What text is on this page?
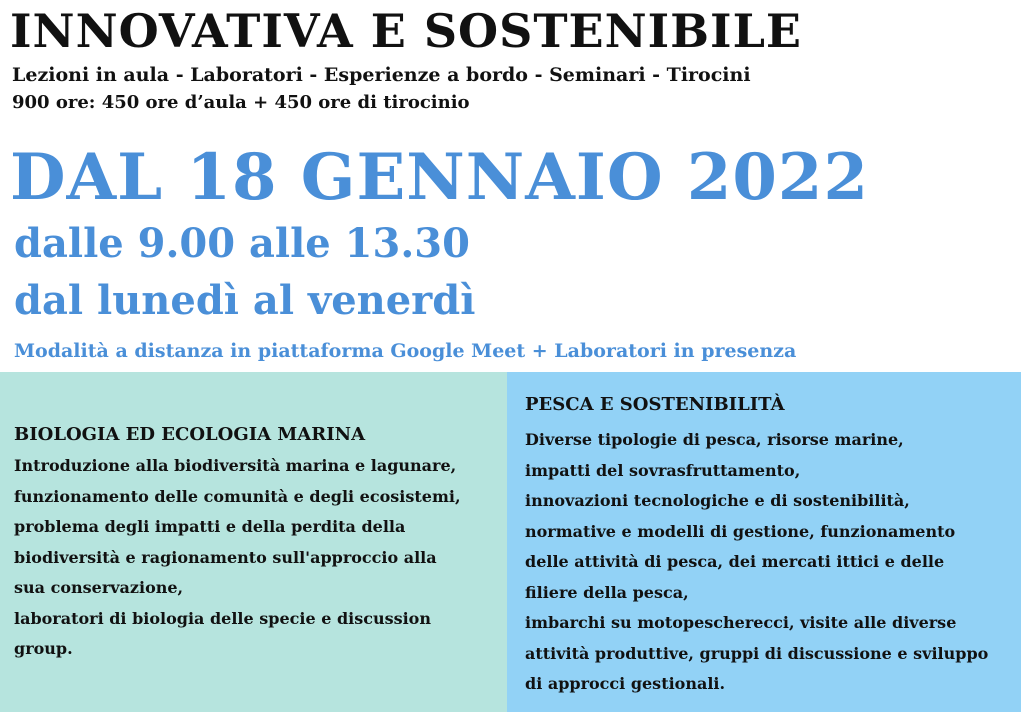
INNOVATIVA E SOSTENIBILE
Lezioni in aula - Laboratori - Esperienze a bordo - Seminari - Tirocini
900 ore: 450 ore d’aula + 450 ore di tirocinio
DAL 18 GENNAIO 2022
dalle 9.00 alle 13.30
dal lunedì al venerdì
Modalità a distanza in piattaforma Google Meet + Laboratori in presenza
BIOLOGIA ED ECOLOGIA MARINA
Introduzione alla biodiversità marina e lagunare,
funzionamento delle comunità e degli ecosistemi,
problema degli impatti e della perdita della
biodiversità e ragionamento sull'approccio alla
sua conservazione,
laboratori di biologia delle specie e discussion
group.
PESCA E SOSTENIBILITÀ
Diverse tipologie di pesca, risorse marine,
impatti del sovrasfruttamento,
innovazioni tecnologiche e di sostenibilità,
normative e modelli di gestione, funzionamento
delle attività di pesca, dei mercati ittici e delle
filiere della pesca,
imbarchi su motopescherecci, visite alle diverse
attività produttive, gruppi di discussione e sviluppo
di approcci gestionali.
